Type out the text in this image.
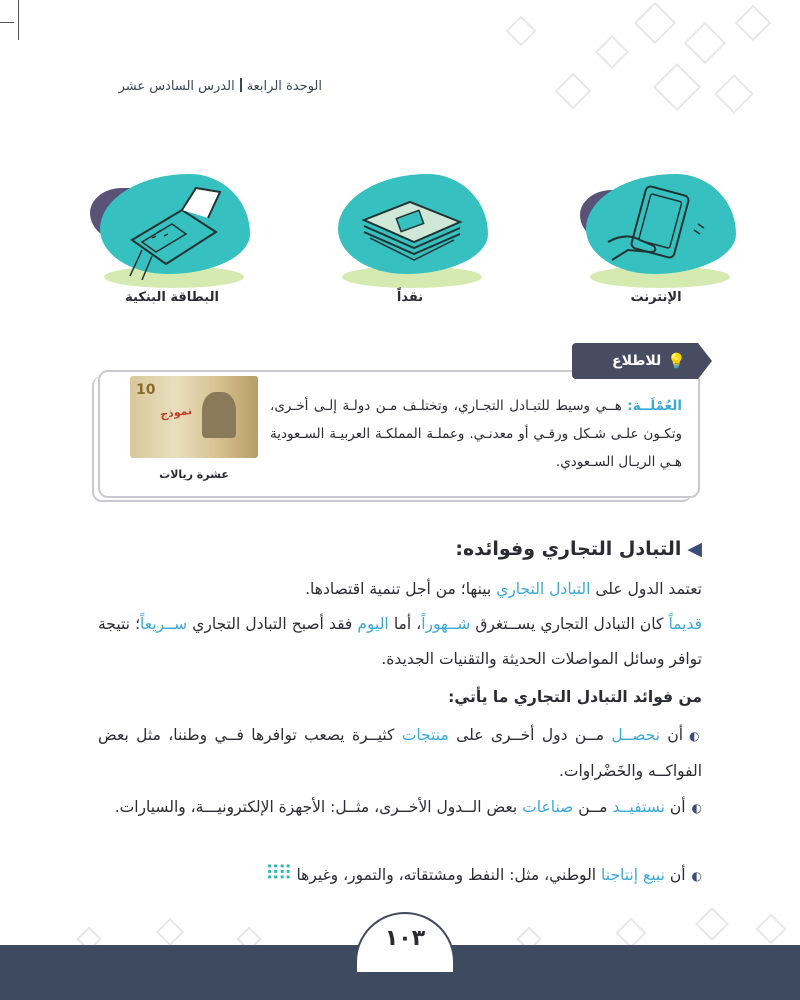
الوحدة الرابعةالدرس السادس عشر
الإنترنت
نقداً
البطاقة البنكية
💡
للاطلاع
العُمْلَــة: هــي وسيط للتبـادل التجـاري، وتختلـف مـن دولـة إلـى أخـرى، وتكـون علـى شـكل ورقـي أو معدنـي. وعملـة المملكـة العربيـة السـعودية هـي الريـال السـعودي.
نموذج
10
عشرة ريالات
◀التبادل التجاري وفوائده:
تعتمد الدول على التبادل التجاري بينها؛ من أجل تنمية اقتصادها.
قديماً كان التبادل التجاري يســتغرق شــهوراً، أما اليوم فقد أصبح التبادل التجاري ســريعاً؛ نتيجة توافر وسائل المواصلات الحديثة والتقنيات الجديدة.
من فوائد التبادل التجاري ما يأتي:
◐أن نحصــل مــن دول أخــرى على منتجات كثيــرة يصعب توافرها فــي وطننا، مثل بعض الفواكــه والخَضْراوات.
◐أن نستفيــد مــن صناعات بعض الــدول الأخــرى، مثــل: الأجهزة الإلكترونيـــة، والسيارات.
◐أن نبيع إنتاجنا الوطني، مثل: النفط ومشتقاته، والتمور، وغيرها⠿⠿
١٠٣
